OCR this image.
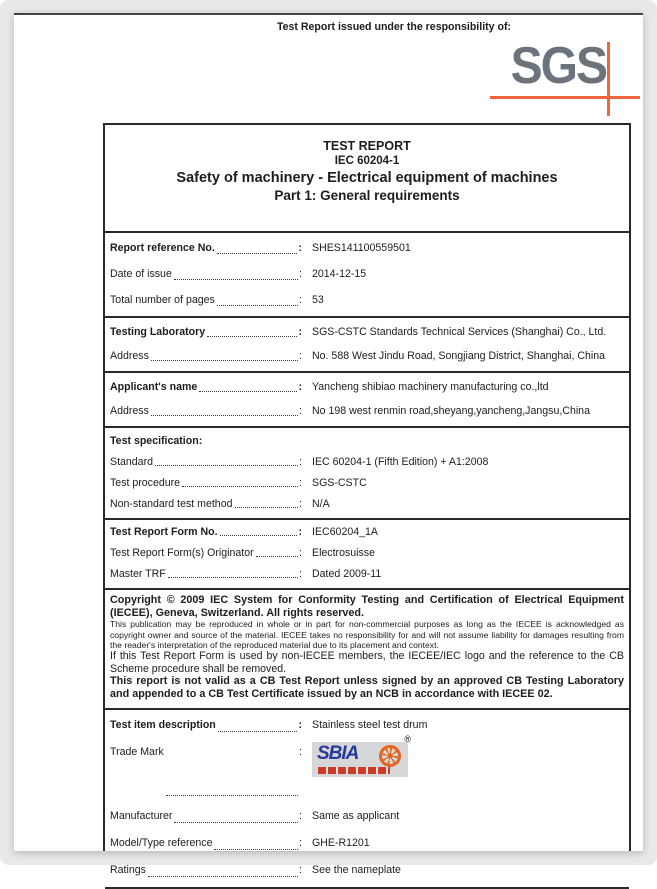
Test Report issued under the responsibility of:
SGS
TEST REPORT
IEC 60204-1
Safety of machinery - Electrical equipment of machines
Part 1: General requirements
Report reference No.
:	SHES141100559501
Date of issue
:	2014-12-15
Total number of pages
:	53
Testing Laboratory
:	SGS-CSTC Standards Technical Services (Shanghai) Co., Ltd.
Address
:	No. 588 West Jindu Road, Songjiang District, Shanghai, China
Applicant's name
:	Yancheng shibiao machinery manufacturing co.,ltd
Address
:	No 198 west renmin road,sheyang,yancheng,Jangsu,China
Test specification:
Standard
:	IEC 60204-1 (Fifth Edition) + A1:2008
Test procedure
:	SGS-CSTC
Non-standard test method
:	N/A
Test Report Form No.
:	IEC60204_1A
Test Report Form(s) Originator
:	Electrosuisse
Master TRF
:	Dated 2009-11

Copyright © 2009 IEC System for Conformity Testing and Certification of Electrical Equipment (IECEE), Geneva, Switzerland. All rights reserved.

This publication may be reproduced in whole or in part for non-commercial purposes as long as the IECEE is acknowledged as copyright owner and source of the material. IECEE takes no responsibility for and will not assume liability for damages resulting from the reader's interpretation of the reproduced material due to its placement and context.

If this Test Report Form is used by non-IECEE members, the IECEE/IEC logo and the reference to the CB Scheme procedure shall be removed.

This report is not valid as a CB Test Report unless signed by an approved CB Testing Laboratory and appended to a CB Test Certificate issued by an NCB in accordance with IECEE 02.

Test item description
:	Stainless steel test drum
Trade Mark
:	SBIA
®
Manufacturer
:	Same as applicant
Model/Type reference
:	GHE-R1201
Ratings
:	See the nameplate
